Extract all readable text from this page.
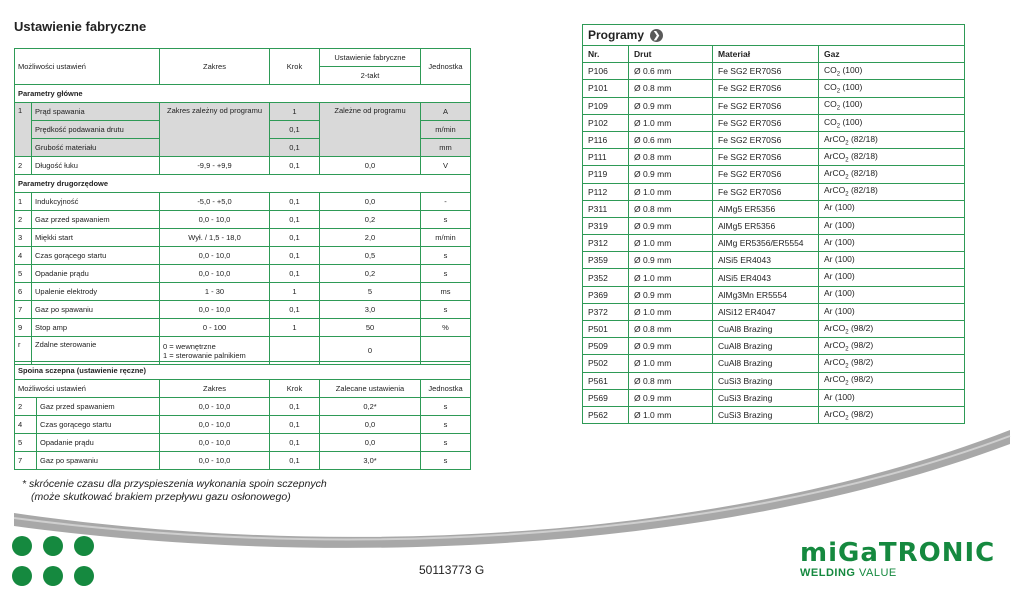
Ustawienie fabryczne
Możliwości ustawień		Zakres	Krok	Ustawienie fabryczne	Jednostka
				2-takt	
Parametry główne					
1	Prąd spawania	Zakres zależny od programu	1	Zależne od programu	A
	Prędkość podawania drutu		0,1		m/min
	Grubość materiału		0,1		mm
2	Długość łuku	-9,9 - +9,9	0,1	0,0	V
Parametry drugorzędowe					
1	Indukcyjność	-5,0 - +5,0	0,1	0,0	-
2	Gaz przed spawaniem	0,0 - 10,0	0,1	0,2	s
3	Miękki start	Wył. / 1,5 - 18,0	0,1	2,0	m/min
4	Czas gorącego startu	0,0 - 10,0	0,1	0,5	s
5	Opadanie prądu	0,0 - 10,0	0,1	0,2	s
6	Upalenie elektrody	1 - 30	1	5	ms
7	Gaz po spawaniu	0,0 - 10,0	0,1	3,0	s
9	Stop amp	0 - 100	1	50	%
r	Zdalne sterowanie	0 = wewnętrzne
1 = sterowanie palnikiem		0	
Spoina sczepna (ustawienie ręczne)					
Możliwości ustawień		Zakres	Krok	Zalecane ustawienia	Jednostka
2	Gaz przed spawaniem	0,0 - 10,0	0,1	0,2*	s
4	Czas gorącego startu	0,0 - 10,0	0,1	0,0	s
5	Opadanie prądu	0,0 - 10,0	0,1	0,0	s
7	Gaz po spawaniu	0,0 - 10,0	0,1	3,0*	s
* skrócenie czasu dla przyspieszenia wykonania spoin sczepnych
(może skutkować brakiem przepływu gazu osłonowego)
Programy ❯			
Nr.	Drut	Materiał	Gaz
P106	Ø 0.6 mm	Fe SG2 ER70S6	$CO_2$ (100)
P101	Ø 0.8 mm	Fe SG2 ER70S6	$CO_2$ (100)
P109	Ø 0.9 mm	Fe SG2 ER70S6	$CO_2$ (100)
P102	Ø 1.0 mm	Fe SG2 ER70S6	$CO_2$ (100)
P116	Ø 0.6 mm	Fe SG2 ER70S6	ArCO$_2$ (82/18)
P111	Ø 0.8 mm	Fe SG2 ER70S6	ArCO$_2$ (82/18)
P119	Ø 0.9 mm	Fe SG2 ER70S6	ArCO$_2$ (82/18)
P112	Ø 1.0 mm	Fe SG2 ER70S6	ArCO$_2$ (82/18)
P311	Ø 0.8 mm	AlMg5 ER5356	Ar (100)
P319	Ø 0.9 mm	AlMg5 ER5356	Ar (100)
P312	Ø 1.0 mm	AlMg ER5356/ER5554	Ar (100)
P359	Ø 0.9 mm	AlSi5 ER4043	Ar (100)
P352	Ø 1.0 mm	AlSi5 ER4043	Ar (100)
P369	Ø 0.9 mm	AlMg3Mn ER5554	Ar (100)
P372	Ø 1.0 mm	AlSi12 ER4047	Ar (100)
P501	Ø 0.8 mm	CuAl8 Brazing	ArCO$_2$ (98/2)
P509	Ø 0.9 mm	CuAl8 Brazing	ArCO$_2$ (98/2)
P502	Ø 1.0 mm	CuAl8 Brazing	ArCO$_2$ (98/2)
P561	Ø 0.8 mm	CuSi3 Brazing	ArCO$_2$ (98/2)
P569	Ø 0.9 mm	CuSi3 Brazing	Ar (100)
P562	Ø 1.0 mm	CuSi3 Brazing	ArCO$_2$ (98/2)
50113773 G
miGaTRONIC
WELDING VALUE
